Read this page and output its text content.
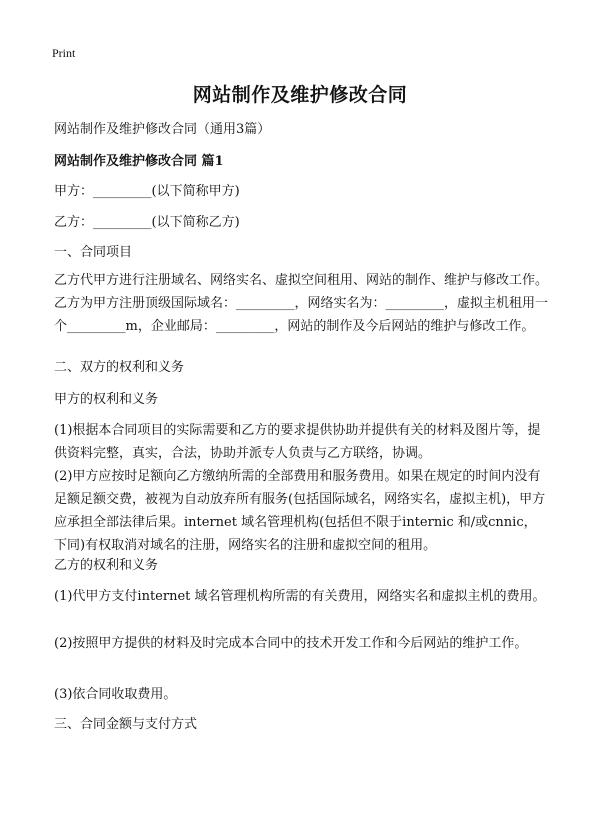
Print
网站制作及维护修改合同

网站制作及维护修改合同（通用3篇）

网站制作及维护修改合同 篇1

甲方：_________(以下简称甲方)

乙方：_________(以下简称乙方)

一、合同项目

乙方代甲方进行注册域名、网络实名、虚拟空间租用、网站的制作、维护与修改工作。乙方为甲方注册顶级国际域名：_________，网络实名为：_________，虚拟主机租用一个_________m，企业邮局：_________，网站的制作及今后网站的维护与修改工作。

二、双方的权利和义务

甲方的权利和义务

(1)根据本合同项目的实际需要和乙方的要求提供协助并提供有关的材料及图片等，提供资料完整，真实，合法，协助并派专人负责与乙方联络，协调。

(2)甲方应按时足额向乙方缴纳所需的全部费用和服务费用。如果在规定的时间内没有足额足额交费，被视为自动放弃所有服务(包括国际域名，网络实名，虚拟主机)，甲方应承担全部法律后果。internet 域名管理机构(包括但不限于internic 和/或cnnic，下同)有权取消对域名的注册，网络实名的注册和虚拟空间的租用。

乙方的权利和义务

(1)代甲方支付internet 域名管理机构所需的有关费用，网络实名和虚拟主机的费用。

(2)按照甲方提供的材料及时完成本合同中的技术开发工作和今后网站的维护工作。

(3)依合同收取费用。

三、合同金额与支付方式
